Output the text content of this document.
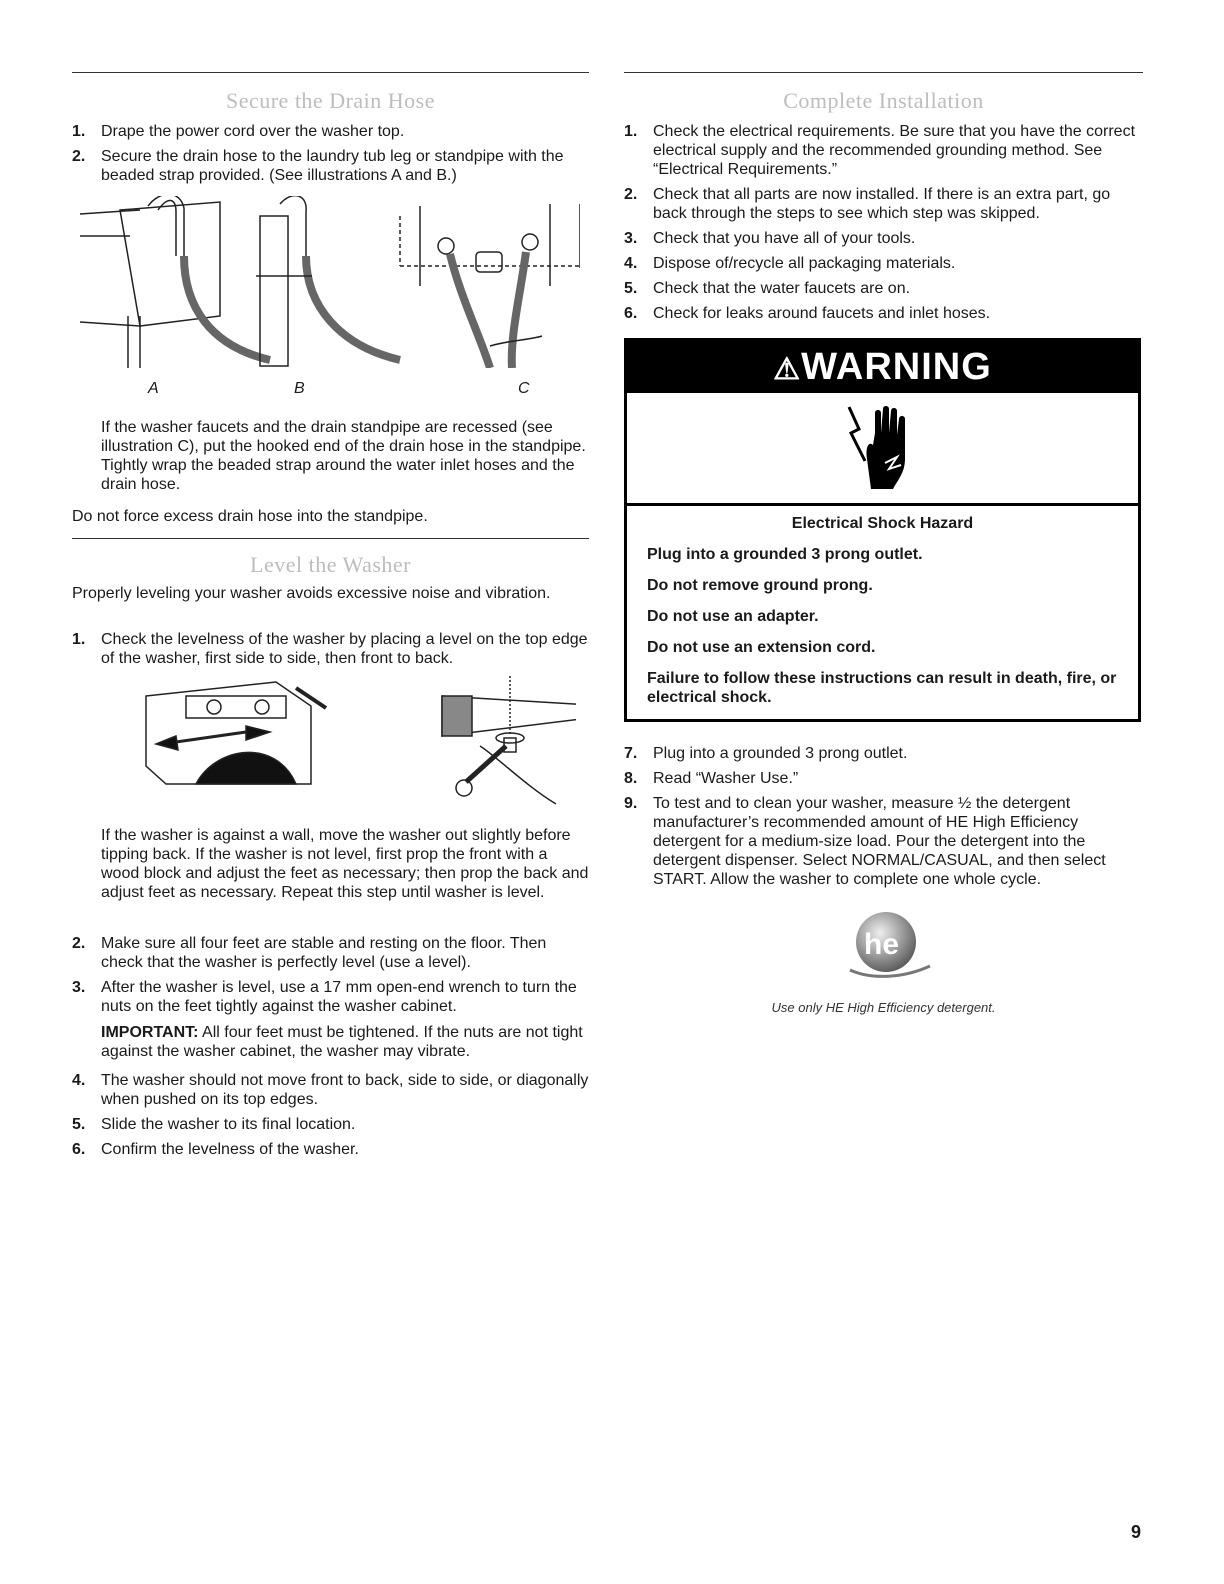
Secure the Drain Hose
1. Drape the power cord over the washer top.
2. Secure the drain hose to the laundry tub leg or standpipe with the beaded strap provided. (See illustrations A and B.)
A	B	C

If the washer faucets and the drain standpipe are recessed (see illustration C), put the hooked end of the drain hose in the standpipe. Tightly wrap the beaded strap around the water inlet hoses and the drain hose.

Do not force excess drain hose into the standpipe.

Level the Washer

Properly leveling your washer avoids excessive noise and vibration.

1. Check the levelness of the washer by placing a level on the top edge of the washer, first side to side, then front to back.

If the washer is against a wall, move the washer out slightly before tipping back. If the washer is not level, first prop the front with a wood block and adjust the feet as necessary; then prop the back and adjust feet as necessary. Repeat this step until washer is level.

2. Make sure all four feet are stable and resting on the floor. Then check that the washer is perfectly level (use a level).
3. After the washer is level, use a 17 mm open-end wrench to turn the nuts on the feet tightly against the washer cabinet.

IMPORTANT: All four feet must be tightened. If the nuts are not tight against the washer cabinet, the washer may vibrate.

4. The washer should not move front to back, side to side, or diagonally when pushed on its top edges.
5. Slide the washer to its final location.
6. Confirm the levelness of the washer.
Complete Installation
1. Check the electrical requirements. Be sure that you have the correct electrical supply and the recommended grounding method. See “Electrical Requirements.”
2. Check that all parts are now installed. If there is an extra part, go back through the steps to see which step was skipped.
3. Check that you have all of your tools.
4. Dispose of/recycle all packaging materials.
5. Check that the water faucets are on.
6. Check for leaks around faucets and inlet hoses.
⚠WARNING

Electrical Shock Hazard

Plug into a grounded 3 prong outlet.

Do not remove ground prong.

Do not use an adapter.

Do not use an extension cord.

Failure to follow these instructions can result in death, fire, or electrical shock.

7. Plug into a grounded 3 prong outlet.
8. Read “Washer Use.”
9. To test and to clean your washer, measure ½ the detergent manufacturer’s recommended amount of HE High Efficiency detergent for a medium-size load. Pour the detergent into the detergent dispenser. Select NORMAL/CASUAL, and then select START. Allow the washer to complete one whole cycle.
he
Use only HE High Efficiency detergent.
9
